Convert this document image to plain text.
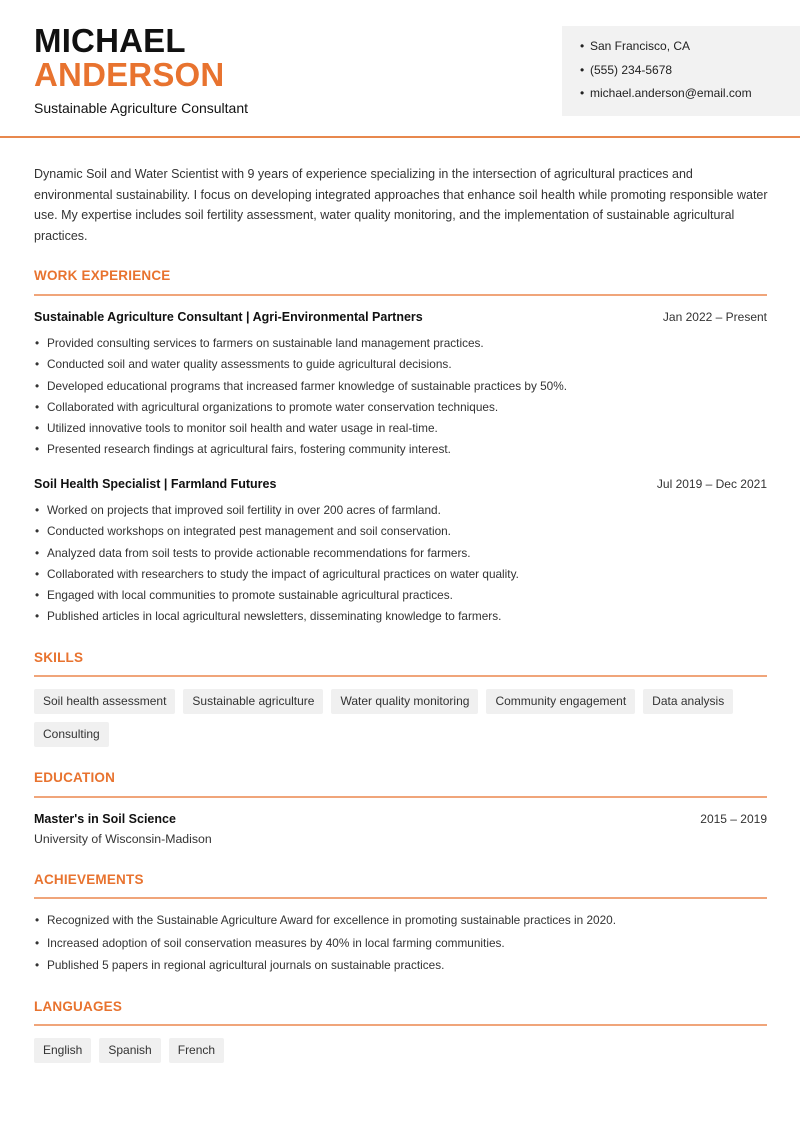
MICHAEL
ANDERSON
Sustainable Agriculture Consultant
• San Francisco, CA
• (555) 234-5678
• michael.anderson@email.com
Dynamic Soil and Water Scientist with 9 years of experience specializing in the intersection of agricultural practices and environmental sustainability. I focus on developing integrated approaches that enhance soil health while promoting responsible water use. My expertise includes soil fertility assessment, water quality monitoring, and the implementation of sustainable agricultural practices.
WORK EXPERIENCE
Sustainable Agriculture Consultant | Agri-Environmental Partners	Jan 2022 – Present
• Provided consulting services to farmers on sustainable land management practices.
• Conducted soil and water quality assessments to guide agricultural decisions.
• Developed educational programs that increased farmer knowledge of sustainable practices by 50%.
• Collaborated with agricultural organizations to promote water conservation techniques.
• Utilized innovative tools to monitor soil health and water usage in real-time.
• Presented research findings at agricultural fairs, fostering community interest.
Soil Health Specialist | Farmland Futures	Jul 2019 – Dec 2021
• Worked on projects that improved soil fertility in over 200 acres of farmland.
• Conducted workshops on integrated pest management and soil conservation.
• Analyzed data from soil tests to provide actionable recommendations for farmers.
• Collaborated with researchers to study the impact of agricultural practices on water quality.
• Engaged with local communities to promote sustainable agricultural practices.
• Published articles in local agricultural newsletters, disseminating knowledge to farmers.
SKILLS
Soil health assessment	Sustainable agriculture	Water quality monitoring	Community engagement	Data analysis
Consulting
EDUCATION
Master's in Soil Science	2015 – 2019
University of Wisconsin-Madison
ACHIEVEMENTS
• Recognized with the Sustainable Agriculture Award for excellence in promoting sustainable practices in 2020.
• Increased adoption of soil conservation measures by 40% in local farming communities.
• Published 5 papers in regional agricultural journals on sustainable practices.
LANGUAGES
English	Spanish	French
